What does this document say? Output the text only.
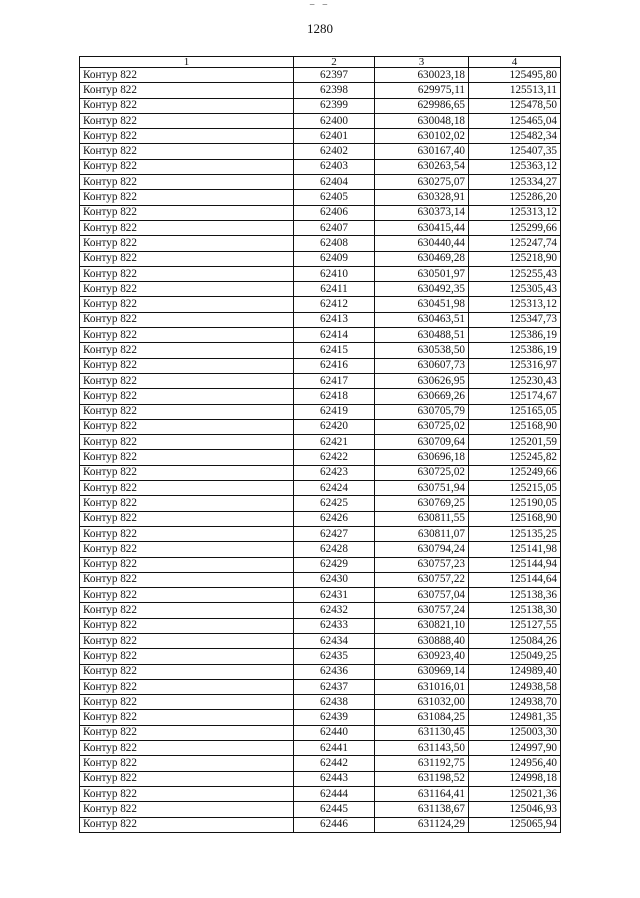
– –
1280
1	2	3	4
Контур 822	62397	630023,18	125495,80
Контур 822	62398	629975,11	125513,11
Контур 822	62399	629986,65	125478,50
Контур 822	62400	630048,18	125465,04
Контур 822	62401	630102,02	125482,34
Контур 822	62402	630167,40	125407,35
Контур 822	62403	630263,54	125363,12
Контур 822	62404	630275,07	125334,27
Контур 822	62405	630328,91	125286,20
Контур 822	62406	630373,14	125313,12
Контур 822	62407	630415,44	125299,66
Контур 822	62408	630440,44	125247,74
Контур 822	62409	630469,28	125218,90
Контур 822	62410	630501,97	125255,43
Контур 822	62411	630492,35	125305,43
Контур 822	62412	630451,98	125313,12
Контур 822	62413	630463,51	125347,73
Контур 822	62414	630488,51	125386,19
Контур 822	62415	630538,50	125386,19
Контур 822	62416	630607,73	125316,97
Контур 822	62417	630626,95	125230,43
Контур 822	62418	630669,26	125174,67
Контур 822	62419	630705,79	125165,05
Контур 822	62420	630725,02	125168,90
Контур 822	62421	630709,64	125201,59
Контур 822	62422	630696,18	125245,82
Контур 822	62423	630725,02	125249,66
Контур 822	62424	630751,94	125215,05
Контур 822	62425	630769,25	125190,05
Контур 822	62426	630811,55	125168,90
Контур 822	62427	630811,07	125135,25
Контур 822	62428	630794,24	125141,98
Контур 822	62429	630757,23	125144,94
Контур 822	62430	630757,22	125144,64
Контур 822	62431	630757,04	125138,36
Контур 822	62432	630757,24	125138,30
Контур 822	62433	630821,10	125127,55
Контур 822	62434	630888,40	125084,26
Контур 822	62435	630923,40	125049,25
Контур 822	62436	630969,14	124989,40
Контур 822	62437	631016,01	124938,58
Контур 822	62438	631032,00	124938,70
Контур 822	62439	631084,25	124981,35
Контур 822	62440	631130,45	125003,30
Контур 822	62441	631143,50	124997,90
Контур 822	62442	631192,75	124956,40
Контур 822	62443	631198,52	124998,18
Контур 822	62444	631164,41	125021,36
Контур 822	62445	631138,67	125046,93
Контур 822	62446	631124,29	125065,94
